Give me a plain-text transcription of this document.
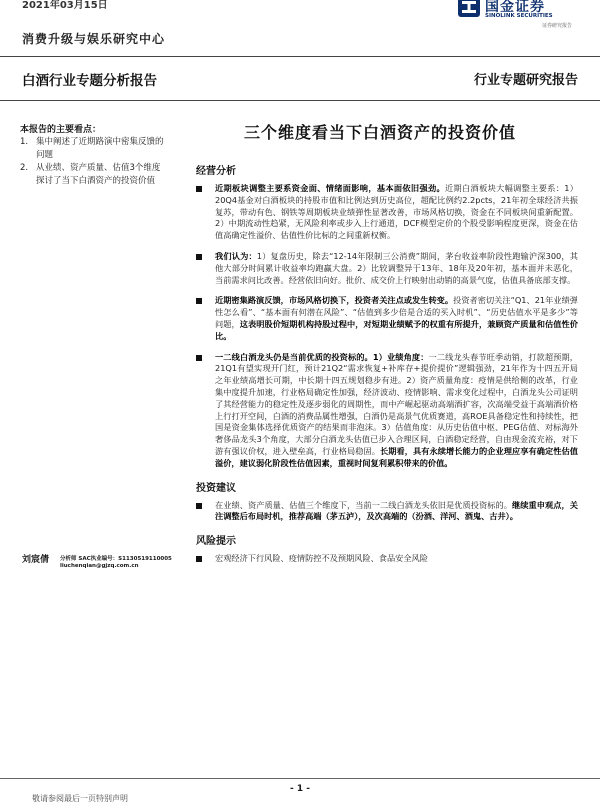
2021年03月15日	国金证券
SINOLINK SECURITIES
证券研究报告
消费升级与娱乐研究中心
白酒行业专题分析报告	行业专题研究报告
本报告的主要看点：
1. 集中阐述了近期路演中密集反馈的问题
2. 从业绩、资产质量、估值3个维度探讨了当下白酒资产的投资价值
刘宸倩 分析师 SAC执业编号：S1130519110005
liuchenqian@gjzq.com.cn
三个维度看当下白酒资产的投资价值
经营分析
近期板块调整主要系资金面、情绪面影响，基本面依旧强劲。近期白酒板块大幅调整主要系：1）20Q4基金对白酒板块的持股市值和比例达到历史高位，超配比例约2.2pcts，21年初全球经济共振复苏，带动有色、钢铁等周期板块业绩弹性显著改善，市场风格切换，资金在不同板块间重新配置。2）中期流动性趋紧，无风险利率或步入上行通道，DCF模型定价的个股受影响程度更深，资金在估值高确定性溢价、估值性价比标的之间重新权衡。
我们认为：1）复盘历史，除去“12-14年限制三公消费”期间，茅台收益率阶段性跑输沪深300，其他大部分时间累计收益率均跑赢大盘。2）比较调整异于13年、18年及20年初，基本面并未恶化，当前需求问比改善。经营依旧向好。批价、成交价上行映射出动销的高景气度，估值具备底部支撑。
近期密集路演反馈，市场风格切换下，投资者关注点或发生转变。投资者密切关注“Q1、21年业绩弹性怎么看”、“基本面有何潜在风险”、“估值到多少倍是合适的买入时机”、“历史估值水平是多少”等问题，这表明股价短期机构持股过程中，对短期业绩赋予的权重有所提升，兼顾资产质量和估值性价比。
一二线白酒龙头仍是当前优质的投资标的。1）业绩角度：一二线龙头春节旺季动销，打款超预期，21Q1有望实现开门红，预计21Q2“需求恢复+补库存+提价提价”逻辑强劲，21年作为十四五开局之年业绩高增长可期，中长期十四五规划稳步有进。2）资产质量角度：疫情是供给侧的改革，行业集中度提升加速，行业格局确定性加强，经济波动、疫情影响、需求变化过程中，白酒龙头公司证明了其经营能力的稳定性及逐步弱化的周期性，而中产崛起驱动高端酒扩容，次高端受益于高端酒价格上行打开空间，白酒的消费品属性增强，白酒仍是高景气优质赛道，高ROE具备稳定性和持续性，把国是资金集体选择优质资产的结果而非泡沫。3）估值角度：从历史估值中枢、PEG估值、对标海外奢侈品龙头3个角度，大部分白酒龙头估值已步入合理区间，白酒稳定经营，自由现金流充裕，对下游有强议价权，进入壁垒高，行业格局稳固。长期看，具有永续增长能力的企业理应享有确定性估值溢价，建议弱化阶段性估值因素，重视时间复利累积带来的价值。
投资建议
在业绩、资产质量、估值三个维度下，当前一二线白酒龙头依旧是优质投资标的。继续重申观点，关注调整后布局时机，推荐高端（茅五泸），及次高端的（汾酒、洋河、酒鬼、古井）。
风险提示
宏观经济下行风险、疫情防控不及预期风险、食品安全风险
- 1 -
敬请参阅最后一页特别声明
